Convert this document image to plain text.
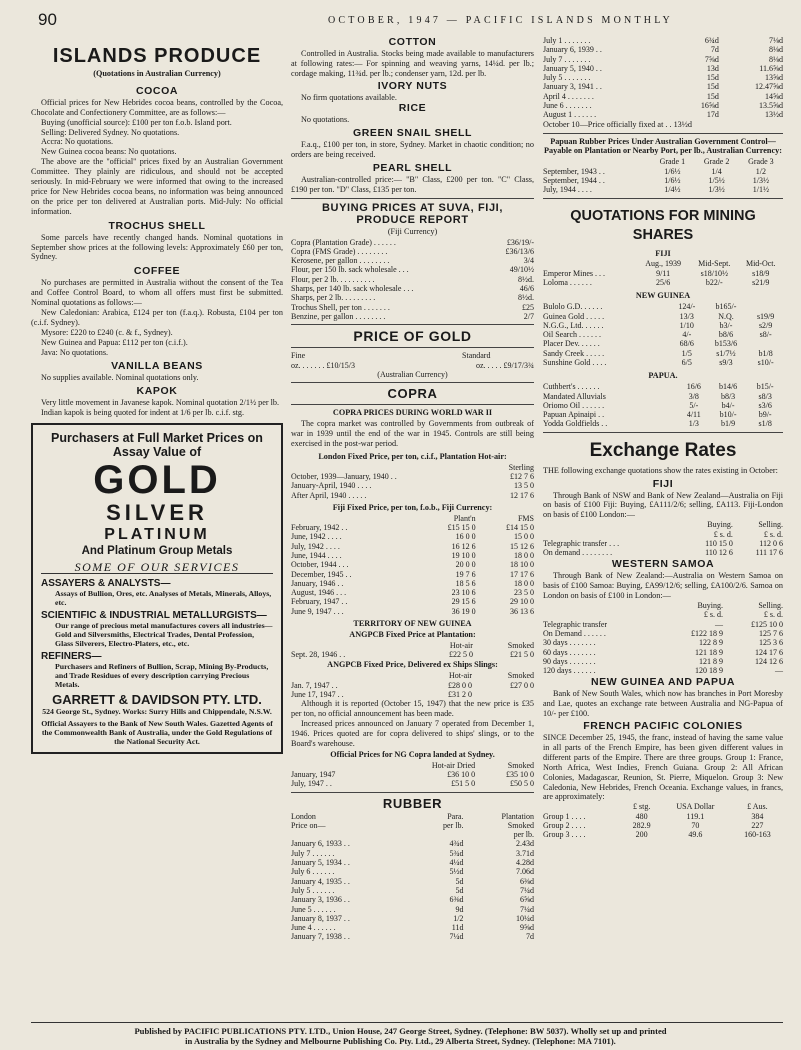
90	OCTOBER, 1947 — PACIFIC ISLANDS MONTHLY
ISLANDS PRODUCE
(Quotations in Australian Currency)
COCOA

Official prices for New Hebrides cocoa beans, controlled by the Cocoa, Chocolate and Confectionery Committee, are as follows:—

Buying (unofficial source): £100 per ton f.o.b. Island port.

Selling: Delivered Sydney. No quotations.

Accra: No quotations.

New Guinea cocoa beans: No quotations.

The above are the "official" prices fixed by an Australian Government Committee. They plainly are ridiculous, and should not be accepted seriously. In mid-February we were informed that owing to the increased price for New Hebrides cocoa beans, no information was being announced on the price per ton delivered at Australian ports. Mid-July: No official information.

TROCHUS SHELL

Some parcels have recently changed hands. Nominal quotations in September show prices at the following levels: Approximately £60 per ton, Sydney.

COFFEE

No purchases are permitted in Australia without the consent of the Tea and Coffee Control Board, to whom all offers must first be submitted. Nominal quotations as follows:—

New Caledonian: Arabica, £124 per ton (f.a.q.). Robusta, £104 per ton (c.i.f. Sydney).

Mysore: £220 to £240 (c. & f., Sydney).

New Guinea and Papua: £112 per ton (c.i.f.).

Java: No quotations.

VANILLA BEANS

No supplies available. Nominal quotations only.

KAPOK

Very little movement in Javanese kapok. Nominal quotation 2/1½ per lb.

Indian kapok is being quoted for indent at 1/6 per lb. c.i.f. stg.

Purchasers at Full Market Prices on Assay Value of
GOLD
SILVER
PLATINUM
And Platinum Group Metals
SOME OF OUR SERVICES
ASSAYERS & ANALYSTS—
Assays of Bullion, Ores, etc. Analyses of Metals, Minerals, Alloys, etc.
SCIENTIFIC & INDUSTRIAL METALLURGISTS—
Our range of precious metal manufactures covers all industries—Gold and Silversmiths, Electrical Trades, Dental Profession, Glass Silverers, Electro-Platers, etc., etc.
REFINERS—
Purchasers and Refiners of Bullion, Scrap, Mining By-Products, and Trade Residues of every description carrying Precious Metals.
GARRETT & DAVIDSON PTY. LTD.
524 George St., Sydney. Works: Surry Hills and Chippendale, N.S.W.
Official Assayers to the Bank of New South Wales. Gazetted Agents of the Commonwealth Bank of Australia, under the Gold Regulations of the National Security Act.
COTTON

Controlled in Australia. Stocks being made available to manufacturers at following rates:— For spinning and weaving yarns, 14¼d. per lb.; cordage making, 11¾d. per lb.; condenser yarn, 12d. per lb.

IVORY NUTS

No firm quotations available.

RICE

No quotations.

GREEN SNAIL SHELL

F.a.q., £100 per ton, in store, Sydney. Market in chaotic condition; no orders are being received.

PEARL SHELL

Australian-controlled price:— "B" Class, £200 per ton. "C" Class, £190 per ton. "D" Class, £135 per ton.

BUYING PRICES AT SUVA, FIJI, PRODUCE REPORT
(Fiji Currency)
Copra (Plantation Grade) . . . . . .	£36/19/-
Copra (FMS Grade) . . . . . . . .	£36/13/6
Kerosene, per gallon . . . . . . . .	3/4
Flour, per 150 lb. sack wholesale . . .	49/10½
Flour, per 2 lb. . . . . . . . . .	8½d.
Sharps, per 140 lb. sack wholesale . . .	46/6
Sharps, per 2 lb. . . . . . . . .	8½d.
Trochus Shell, per ton . . . . . . .	£25
Benzine, per gallon . . . . . . . .	2/7
PRICE OF GOLD
Fine	Standard
oz. . . . . . . £10/15/3	oz. . . . . £9/17/3¾
(Australian Currency)	
COPRA
COPRA PRICES DURING WORLD WAR II

The copra market was controlled by Governments from outbreak of war in 1939 until the end of the war in 1945. Controls are still being exercised in the post-war period.

London Fixed Price, per ton, c.i.f., Plantation Hot-air:
	Sterling
October, 1939—January, 1940 . .	£12 7 6
January-April, 1940 . . . .	13 5 0
After April, 1940 . . . . .	12 17 6
Fiji Fixed Price, per ton, f.o.b., Fiji Currency:
	Plant'n	FMS
February, 1942 . .	£15 15 0	£14 15 0
June, 1942 . . . .	16 0 0	15 0 0
July, 1942 . . . .	16 12 6	15 12 6
June, 1944 . . . .	19 10 0	18 0 0
October, 1944 . . .	20 0 0	18 10 0
December, 1945 . .	19 7 6	17 17 6
January, 1946 . .	18 5 6	18 0 0
August, 1946 . . .	23 10 6	23 5 0
February, 1947 . .	29 15 6	29 10 0
June 9, 1947 . . .	36 19 0	36 13 6
TERRITORY OF NEW GUINEA
ANGPCB Fixed Price at Plantation:
	Hot-air	Smoked
Sept. 28, 1946 . .	£22 5 0	£21 5 0
ANGPCB Fixed Price, Delivered ex Ships Slings:
	Hot-air	Smoked
Jan. 7, 1947 . .	£28 0 0	£27 0 0
June 17, 1947 . .	£31 2 0	

Although it is reported (October 15, 1947) that the new price is £35 per ton, no official announcement has been made.

Increased prices announced on January 7 operated from December 1, 1946. Prices quoted are for copra delivered to ships' slings, or to the Board's warehouse.

Official Prices for NG Copra landed at Sydney.
	Hot-air Dried	Smoked
January, 1947	£36 10 0	£35 10 0
July, 1947 . .	£51 5 0	£50 5 0
RUBBER
London	Para.	Plantation
Price on—	per lb.	Smoked
		per lb.
January 6, 1933 . .	4¾d	2.43d
July 7 . . . . . .	5¾d	3.71d
January 5, 1934 . .	4¼d	4.28d
July 6 . . . . . .	5½d	7.06d
January 4, 1935 . .	5d	6⅜d
July 5 . . . . . .	5d	7¼d
January 3, 1936 . .	6⅜d	6⅝d
June 5 . . . . . .	9d	7¼d
January 8, 1937 . .	1/2	10¼d
June 4 . . . . . .	11d	9⅝d
January 7, 1938 . .	7¼d	7d
July 1 . . . . . . .	6¾d	7⅛d
January 6, 1939 . .	7d	8⅛d
July 7 . . . . . . .	7⅝d	8⅛d
January 5, 1940 . .	13d	11.6⅝d
July 5 . . . . . . .	15d	13⅝d
January 3, 1941 . .	15d	12.47⅝d
April 4 . . . . . . .	15d	14⅝d
June 6 . . . . . . .	16⅝d	13.5⅝d
August 1 . . . . . .	17d	13½d

October 10—Price officially fixed at . . 13½d

Papuan Rubber Prices Under Australian Government Control—Payable on Plantation or Nearby Port, per lb., Australian Currency:
	Grade 1	Grade 2	Grade 3
September, 1943 . .	1/6½	1/4	1/2
September, 1944 . .	1/6½	1/5½	1/3½
July, 1944 . . . .	1/4½	1/3½	1/1½
QUOTATIONS FOR MINING SHARES
FIJI
	Aug., 1939	Mid-Sept.	Mid-Oct.
Emperor Mines . . .	9/11	s18/10½	s18/9
Loloma . . . . . .	25/6	b22/-	s21/9
NEW GUINEA
Bulolo G.D. . . . . .	124/-	b165/-	
Guinea Gold . . . . .	13/3	N.Q.	s19/9
N.G.G., Ltd. . . . . .	1/10	b3/-	s2/9
Oil Search . . . . . .	4/-	b8/6	s8/-
Placer Dev. . . . . .	68/6	b153/6	
Sandy Creek . . . . .	1/5	s1/7½	b1/8
Sunshine Gold . . . .	6/5	s9/3	s10/-
PAPUA.
Cuthbert's . . . . . .	16/6	b14/6	b15/-
Mandated Alluvials	3/8	b8/3	s8/3
Oriomo Oil . . . . . .	5/-	b4/-	s3/6
Papuan Apinaipi . .	4/11	b10/-	b9/-
Yodda Goldfields . .	1/3	b1/9	s1/8
Exchange Rates

THE following exchange quotations show the rates existing in October:

FIJI

Through Bank of NSW and Bank of New Zealand—Australia on Fiji on basis of £100 Fiji: Buying, £A111/2/6; selling, £A113. Fiji-London on basis of £100 London:—

	Buying.	Selling.
	£ s. d.	£ s. d.
Telegraphic transfer . . .	110 15 0	112 0 6
On demand . . . . . . . .	110 12 6	111 17 6
WESTERN SAMOA

Through Bank of New Zealand:—Australia on Western Samoa on basis of £100 Samoa: Buying, £A99/12/6; selling, £A100/2/6. Samoa on London on basis of £100 in London:—

	Buying.	Selling.
	£ s. d.	£ s. d.
Telegraphic transfer	—	£125 10 0
On Demand . . . . . .	£122 18 9	125 7 6
30 days . . . . . . .	122 8 9	125 3 6
60 days . . . . . . .	121 18 9	124 17 6
90 days . . . . . . .	121 8 9	124 12 6
120 days . . . . . .	120 18 9	—
NEW GUINEA AND PAPUA

Bank of New South Wales, which now has branches in Port Moresby and Lae, quotes an exchange rate between Australia and NG-Papua of 10/- per £100.

FRENCH PACIFIC COLONIES

SINCE December 25, 1945, the franc, instead of having the same value in all parts of the French Empire, has been given different values in different parts of the Empire. There are three groups. Group 1: France, North Africa, West Indies, French Guiana. Group 2: All African Colonies, Madagascar, Reunion, St. Pierre, Miquelon. Group 3: New Caledonia, New Hebrides, French Oceania. Exchange values, in francs, are approximately:

	£ stg.	USA Dollar	£ Aus.
Group 1 . . . .	480	119.1	384
Group 2 . . . .	282.9	70	227
Group 3 . . . .	200	49.6	160-163
Published by PACIFIC PUBLICATIONS PTY. LTD., Union House, 247 George Street, Sydney. (Telephone: BW 5037). Wholly set up and printed
in Australia by the Sydney and Melbourne Publishing Co. Pty. Ltd., 29 Alberta Street, Sydney. (Telephone: MA 7101).
